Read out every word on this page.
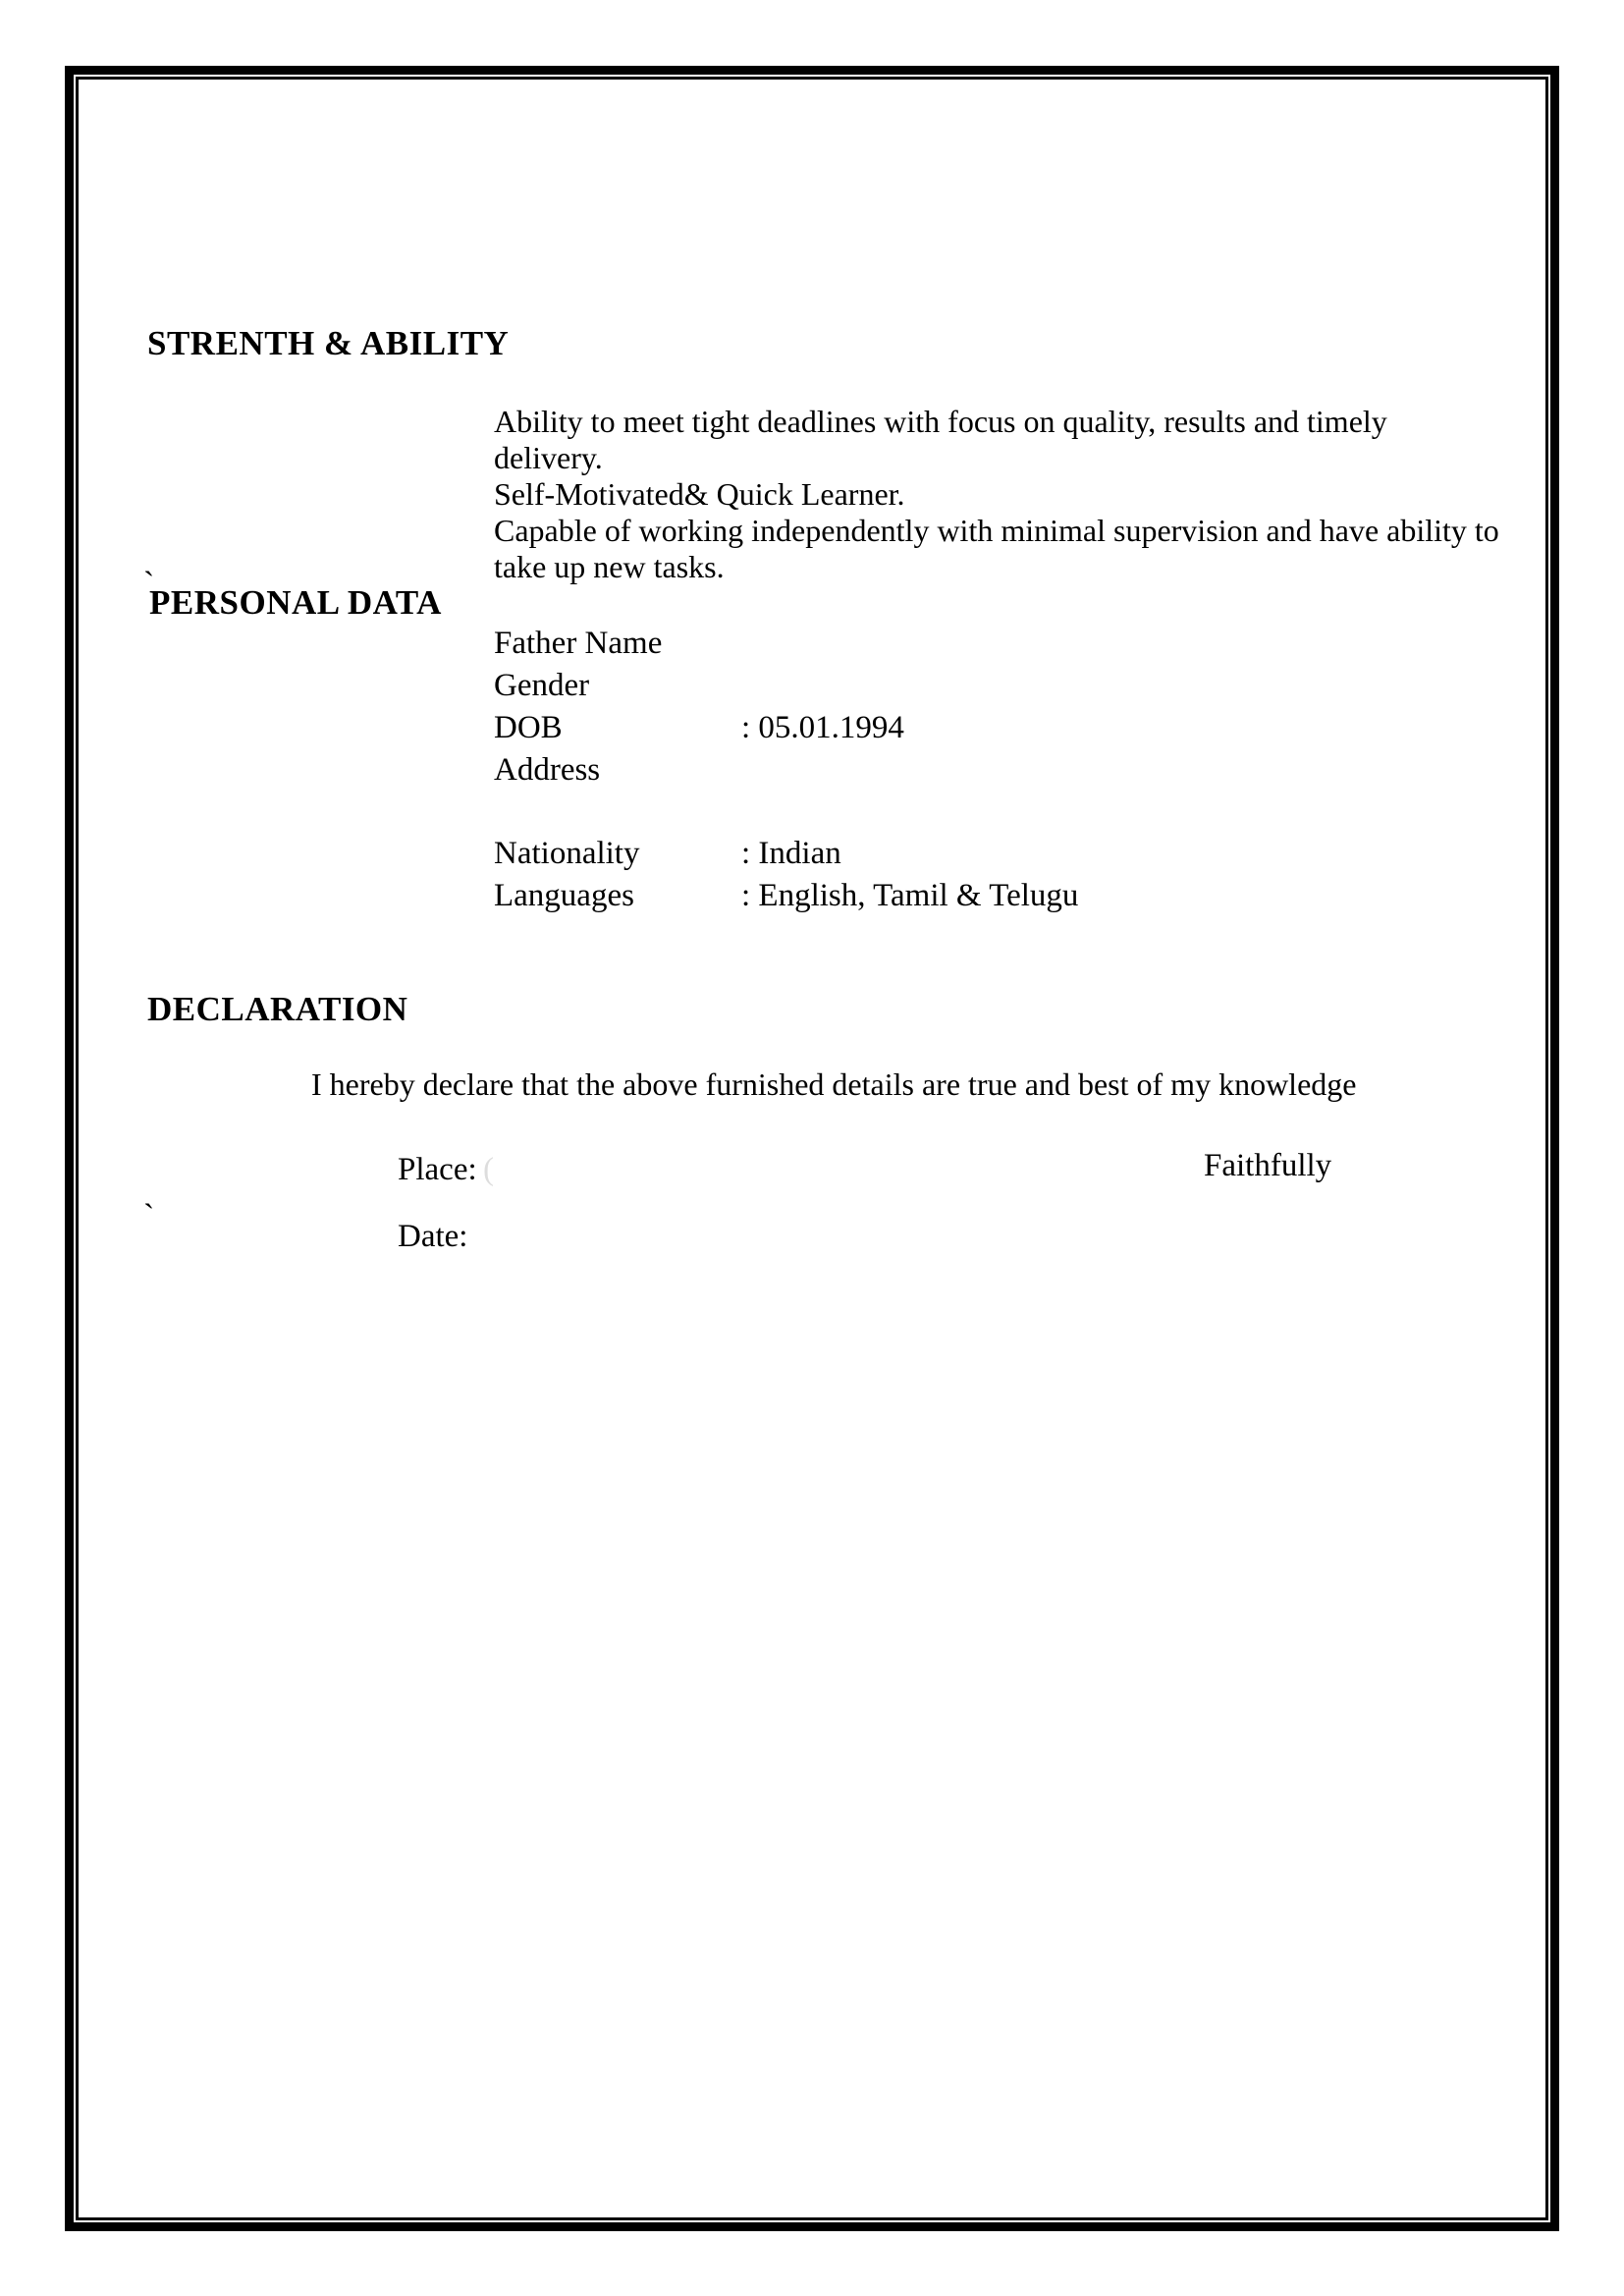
STRENTH & ABILITY
Ability to meet tight deadlines with focus on quality, results and timely
delivery.
Self-Motivated& Quick Learner.
Capable of working independently with minimal supervision and have ability to
take up new tasks.
`
PERSONAL DATA
Father Name
Gender
DOB	: 05.01.1994
Address
Nationality	: Indian
Languages	: English, Tamil & Telugu
DECLARATION
I hereby declare that the above furnished details are true and best of my knowledge
Place: (	Faithfully
`
Date:
